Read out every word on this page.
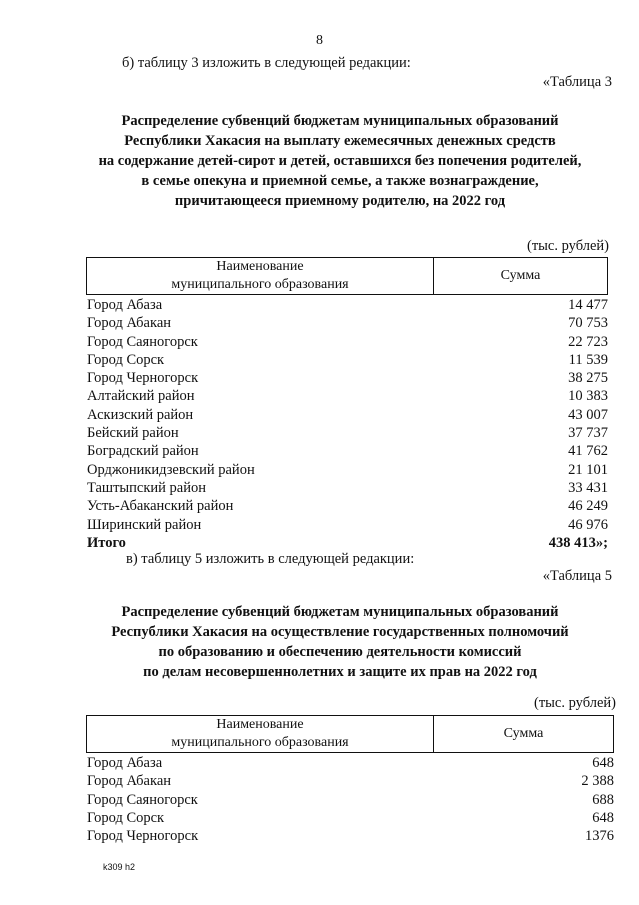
8
б) таблицу 3 изложить в следующей редакции:
«Таблица 3
Распределение субвенций бюджетам муниципальных образований
Республики Хакасия на выплату ежемесячных денежных средств
на содержание детей-сирот и детей, оставшихся без попечения родителей,
в семье опекуна и приемной семье, а также вознаграждение,
причитающееся приемному родителю, на 2022 год
(тыс. рублей)
Наименование
муниципального образования
	Сумма
Город Абаза	14 477
Город Абакан	70 753
Город Саяногорск	22 723
Город Сорск	11 539
Город Черногорск	38 275
Алтайский район	10 383
Аскизский район	43 007
Бейский район	37 737
Боградский район	41 762
Орджоникидзевский район	21 101
Таштыпский район	33 431
Усть-Абаканский район	46 249
Ширинский район	46 976
Итого	438 413»;
в) таблицу 5 изложить в следующей редакции:
«Таблица 5
Распределение субвенций бюджетам муниципальных образований
Республики Хакасия на осуществление государственных полномочий
по образованию и обеспечению деятельности комиссий
по делам несовершеннолетних и защите их прав на 2022 год
(тыс. рублей)
Наименование
муниципального образования
	Сумма
Город Абаза	648
Город Абакан	2 388
Город Саяногорск	688
Город Сорск	648
Город Черногорск	1376
k309 h2
